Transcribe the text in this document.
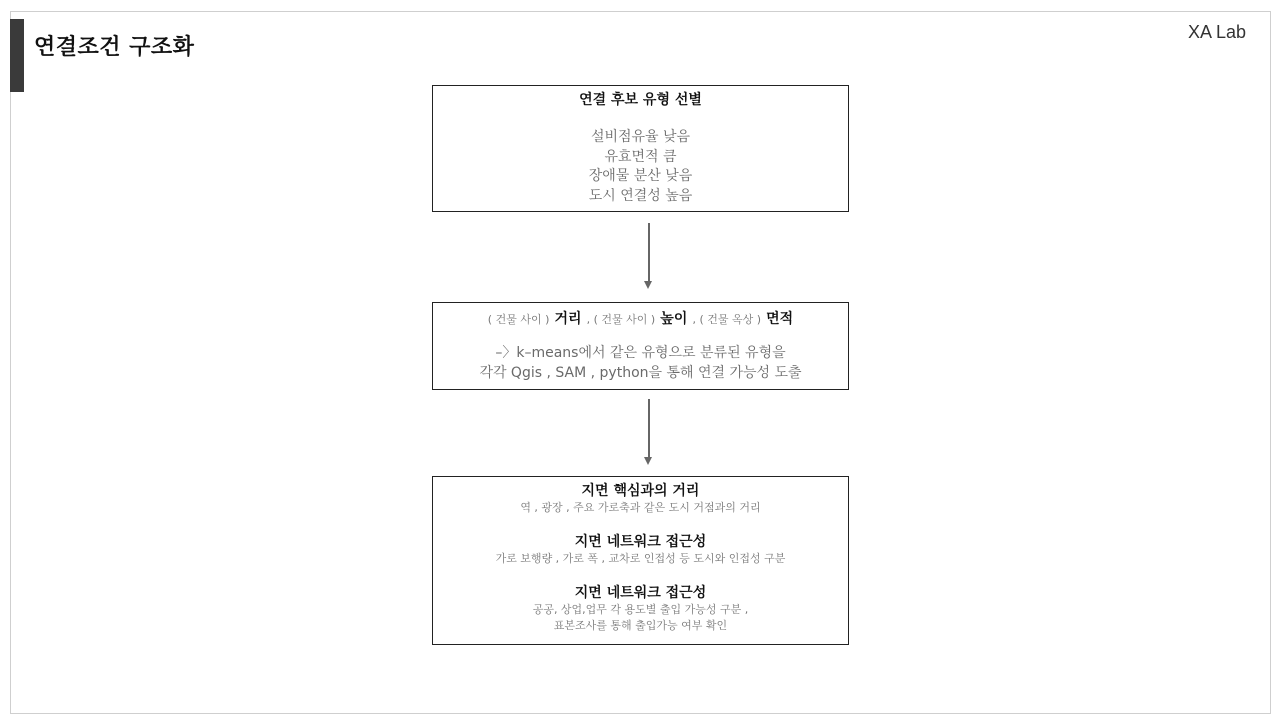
연결조건 구조화
XA Lab
연결 후보 유형 선별
설비점유율 낮음
유효면적 큼
장애물 분산 낮음
도시 연결성 높음
( 건물 사이 ) 거리 , ( 건물 사이 ) 높이 , ( 건물 옥상 ) 면적
–〉k–means에서 같은 유형으로 분류된 유형을
각각 Qgis , SAM , python을 통해 연결 가능성 도출
지면 핵심과의 거리
역 , 광장 , 주요 가로축과 같은 도시 거점과의 거리
지면 네트워크 접근성
가로 보행량 , 가로 폭 , 교차로 인접성 등 도시와 인접성 구분
지면 네트워크 접근성
공공, 상업,업무 각 용도별 출입 가능성 구분 ,
표본조사를 통해 출입가능 여부 확인
